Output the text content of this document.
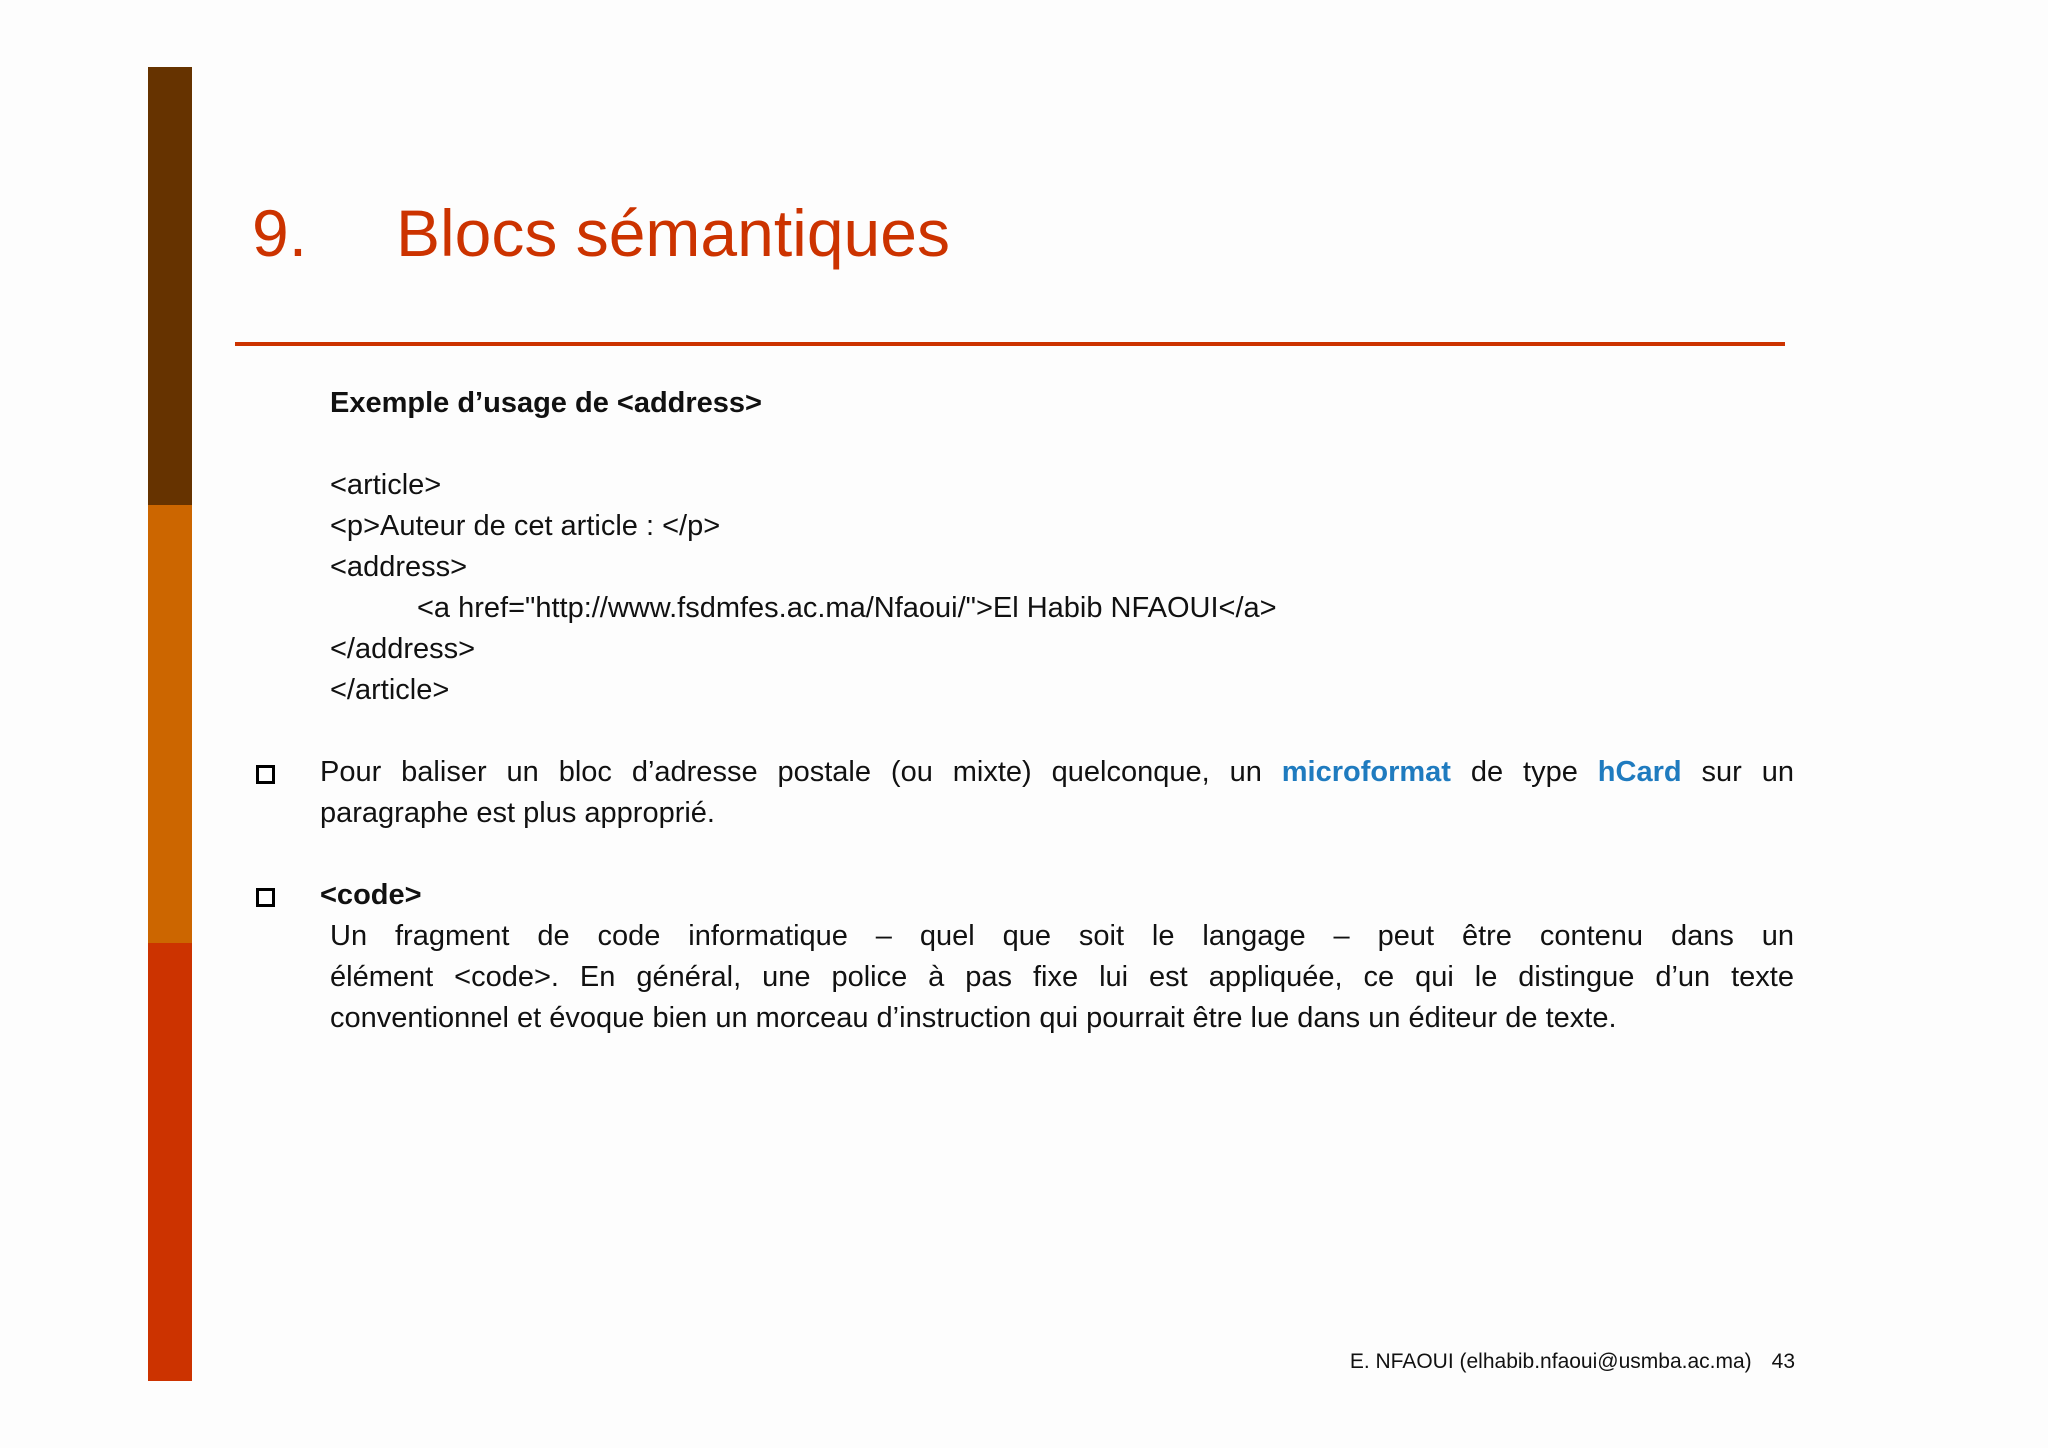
9. Blocs sémantiques
Exemple d’usage de <address>
<article>
<p>Auteur de cet article : </p>
<address>
<a href="http://www.fsdmfes.ac.ma/Nfaoui/">El Habib NFAOUI</a>
</address>
</article>
Pour baliser un bloc d’adresse postale (ou mixte) quelconque, un microformat de type hCard sur un
paragraphe est plus approprié.
<code>
Un fragment de code informatique – quel que soit le langage – peut être contenu dans un
élément <code>. En général, une police à pas fixe lui est appliquée, ce qui le distingue d’un texte
conventionnel et évoque bien un morceau d’instruction qui pourrait être lue dans un éditeur de texte.
E. NFAOUI (elhabib.nfaoui@usmba.ac.ma) 43
